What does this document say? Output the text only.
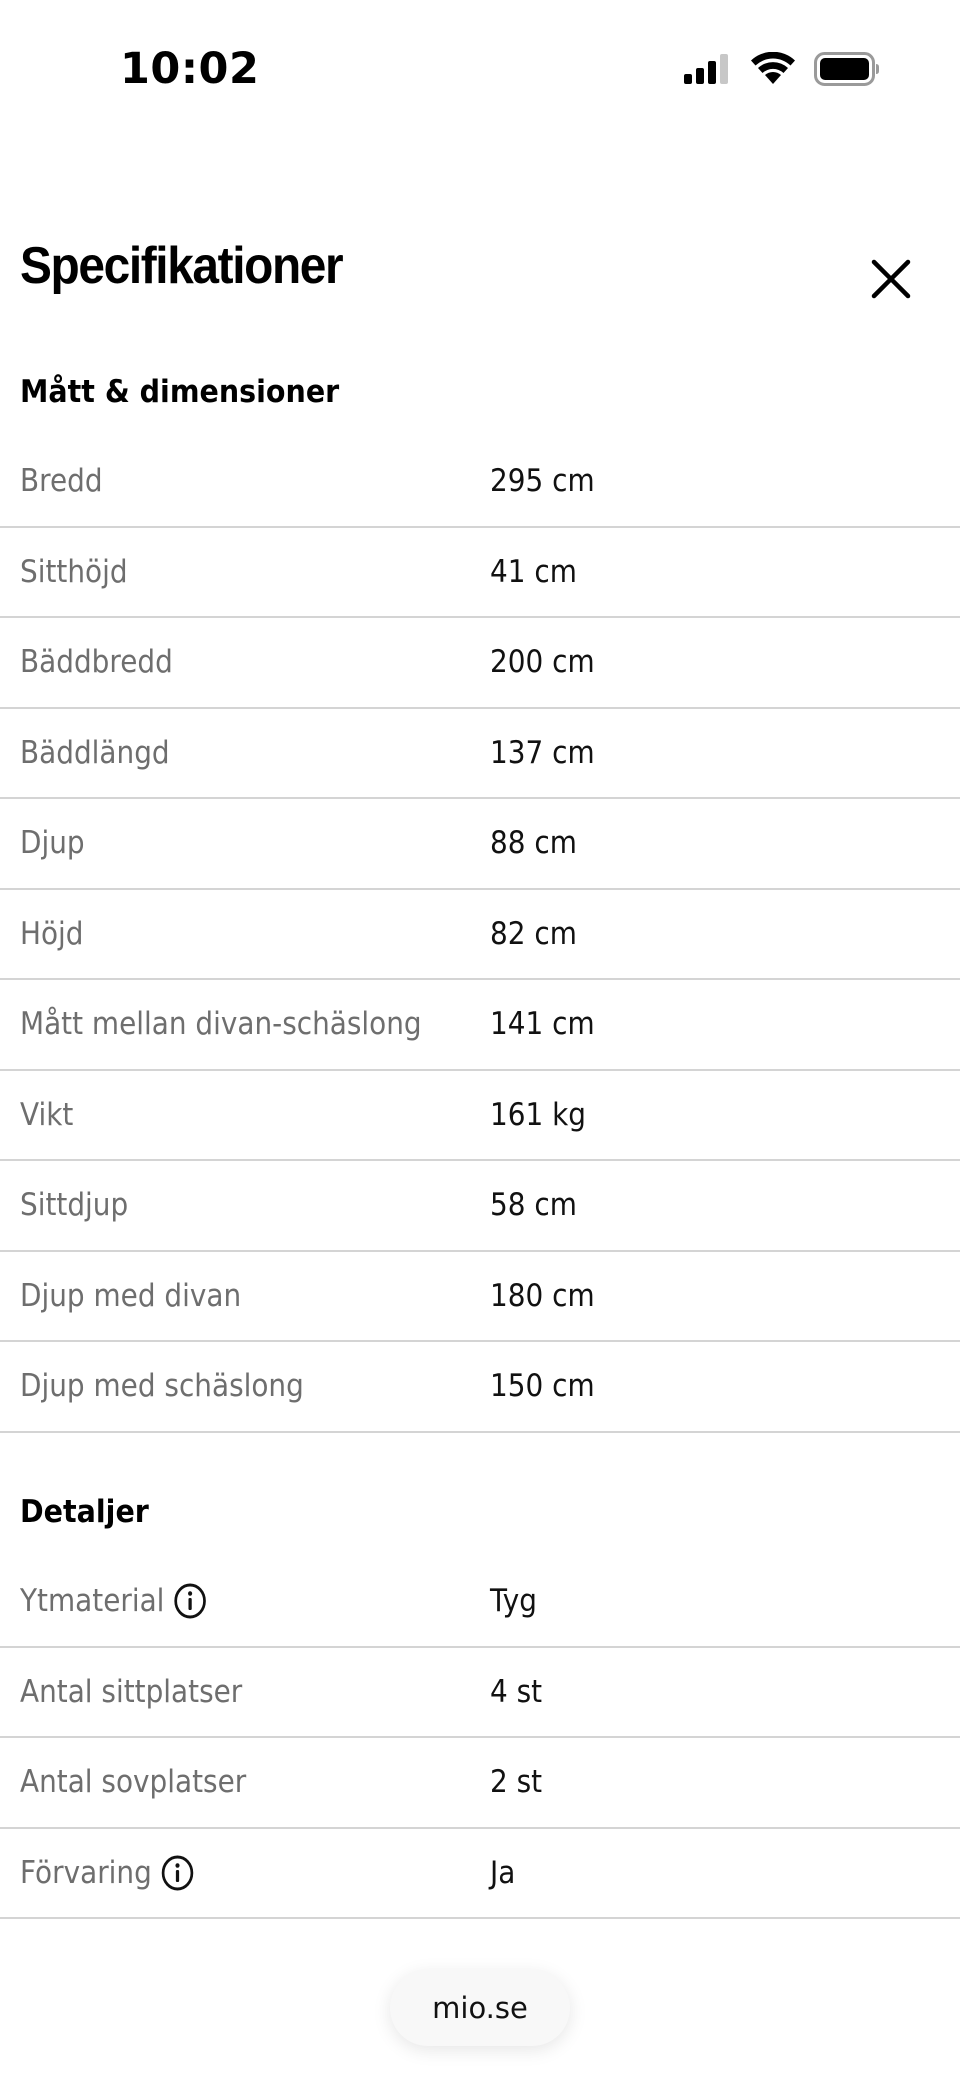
10:02
Specifikationer
Mått & dimensioner
Bredd	295 cm
Sitthöjd	41 cm
Bäddbredd	200 cm
Bäddlängd	137 cm
Djup	88 cm
Höjd	82 cm
Mått mellan divan-schäslong 141 cm
Vikt	161 kg
Sittdjup	58 cm
Djup med divan	180 cm
Djup med schäslong	150 cm
Detaljer
Ytmaterial	Tyg
Antal sittplatser	4 st
Antal sovplatser	2 st
Förvaring	Ja
mio.se
